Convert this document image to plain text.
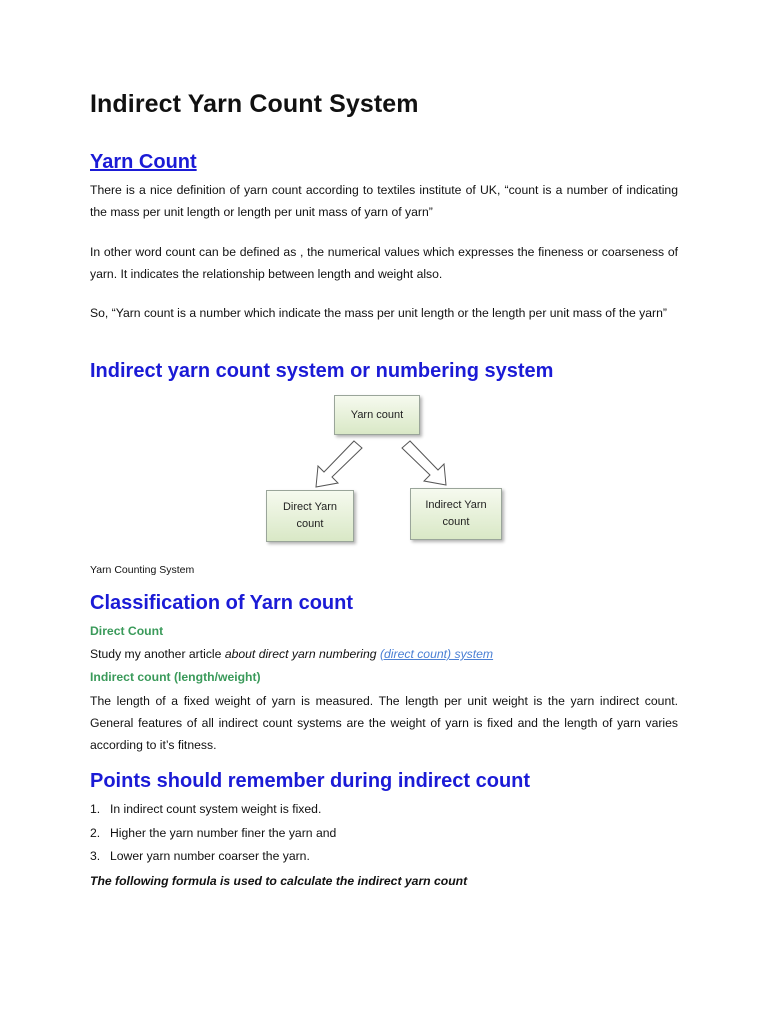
Indirect Yarn Count System
Yarn Count

There is a nice definition of yarn count according to textiles institute of UK, “count is a number of indicating the mass per unit length or length per unit mass of yarn of yarn”

In other word count can be defined as , the numerical values which expresses the fineness or coarseness of yarn. It indicates the relationship between length and weight also.

So, “Yarn count is a number which indicate the mass per unit length or the length per unit mass of the yarn”

Indirect yarn count system or numbering system
Yarn Counting System
Classification of Yarn count
Direct Count

Study my another article about direct yarn numbering (direct count) system

Indirect count (length/weight)

The length of a fixed weight of yarn is measured. The length per unit weight is the yarn indirect count. General features of all indirect count systems are the weight of yarn is fixed and the length of yarn varies according to it’s fitness.

Points should remember during indirect count
1. In indirect count system weight is fixed.
2. Higher the yarn number finer the yarn and
3. Lower yarn number coarser the yarn.
The following formula is used to calculate the indirect yarn count
Yarn count
Direct Yarn
count
Indirect Yarn
count
